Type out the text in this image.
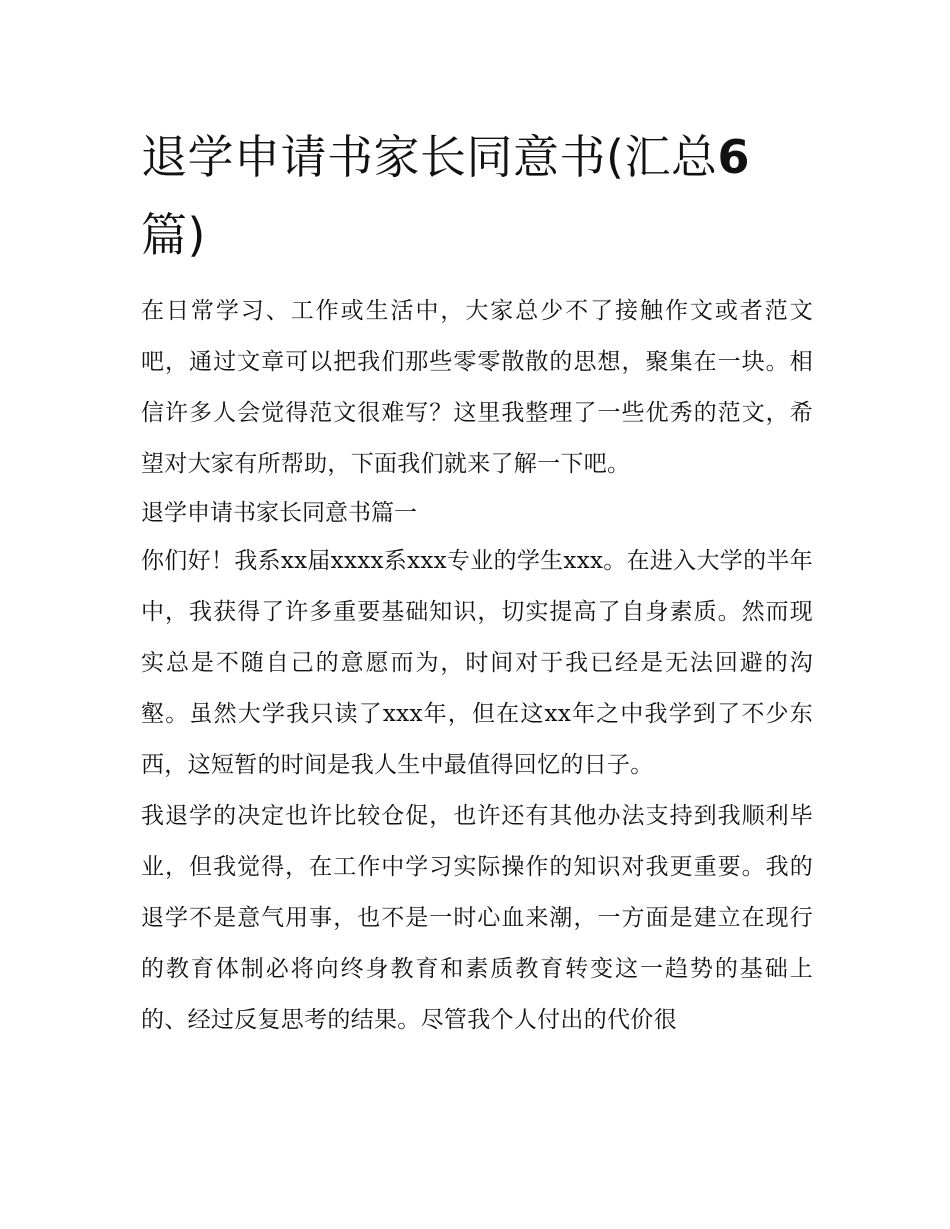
退学申请书家长同意书(汇总6篇)

在日常学习、工作或生活中，大家总少不了接触作文或者范文吧，通过文章可以把我们那些零零散散的思想，聚集在一块。相信许多人会觉得范文很难写？这里我整理了一些优秀的范文，希望对大家有所帮助，下面我们就来了解一下吧。

退学申请书家长同意书篇一

你们好！我系xx届xxxx系xxx专业的学生xxx。在进入大学的半年中，我获得了许多重要基础知识，切实提高了自身素质。然而现实总是不随自己的意愿而为，时间对于我已经是无法回避的沟壑。虽然大学我只读了xxx年，但在这xx年之中我学到了不少东西，这短暂的时间是我人生中最值得回忆的日子。

我退学的决定也许比较仓促，也许还有其他办法支持到我顺利毕业，但我觉得，在工作中学习实际操作的知识对我更重要。我的退学不是意气用事，也不是一时心血来潮，一方面是建立在现行的教育体制必将向终身教育和素质教育转变这一趋势的基础上的、经过反复思考的结果。尽管我个人付出的代价很
